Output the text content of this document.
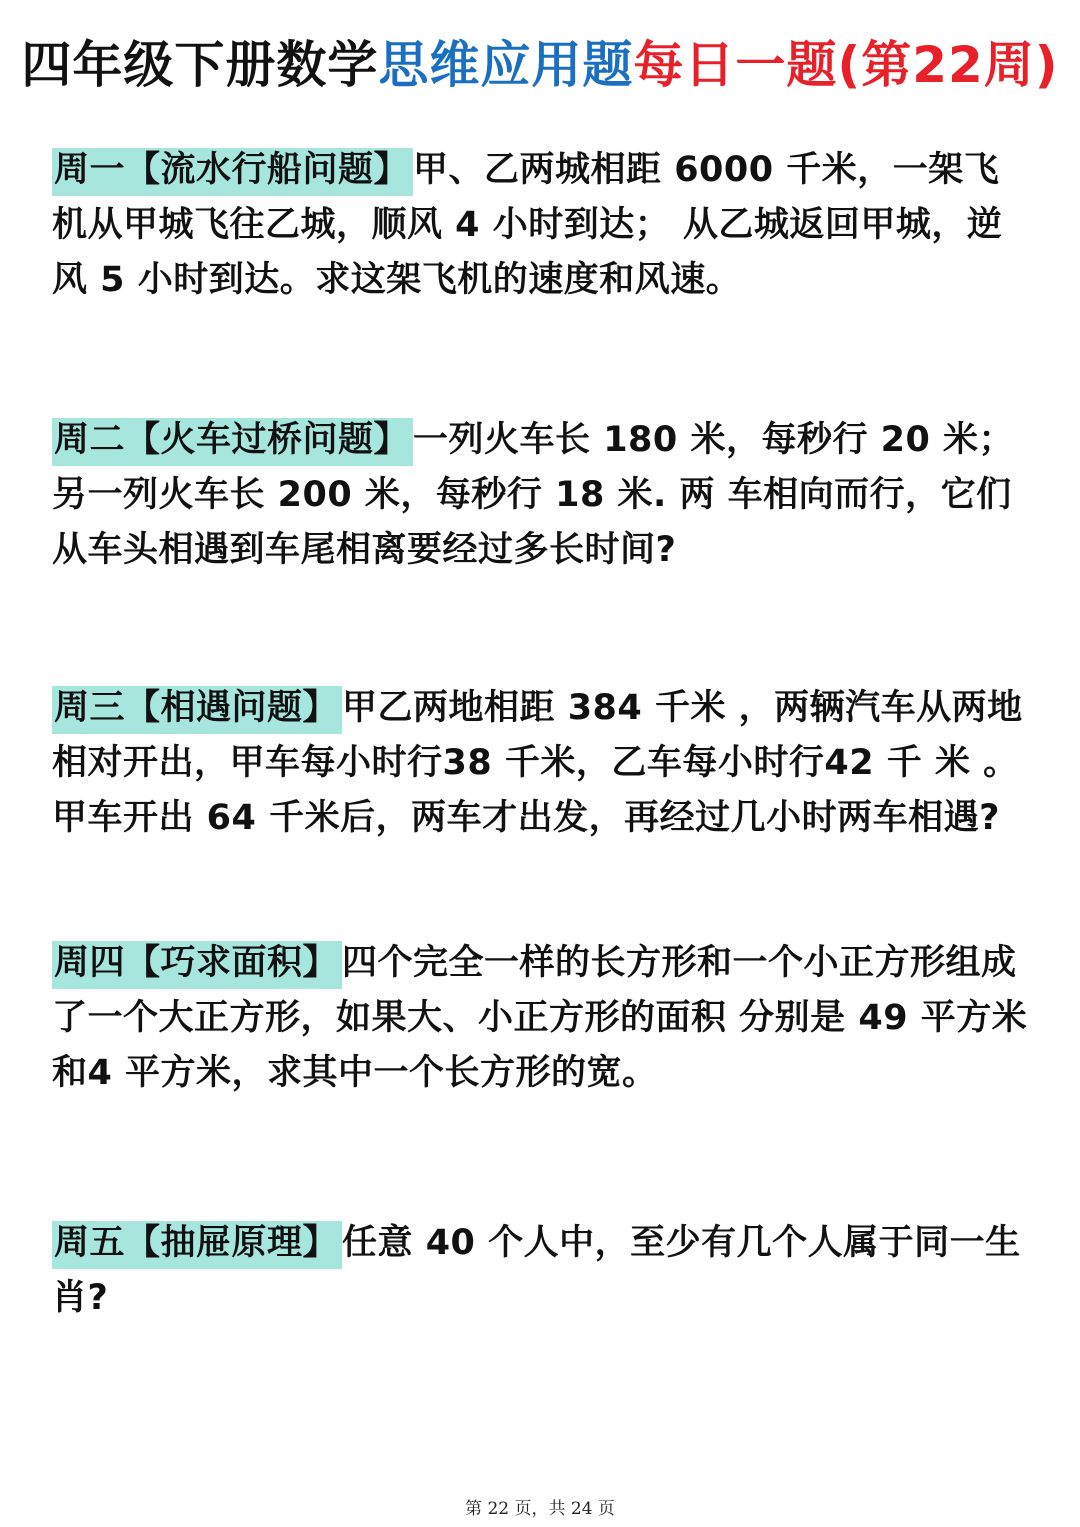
四年级下册数学思维应用题每日一题(第22周)
周一【流水行船问题】 甲、乙两城相距 6000 千米，一架飞机从甲城飞往乙城，顺风 4 小时到达； 从乙城返回甲城，逆风 5 小时到达。求这架飞机的速度和风速。
周二【火车过桥问题】 一列火车长 180 米，每秒行 20 米；另一列火车长 200 米，每秒行 18 米. 两 车相向而行，它们从车头相遇到车尾相离要经过多长时间?
周三【相遇问题】 甲乙两地相距 384 千米 ，两辆汽车从两地相对开出，甲车每小时行38 千米，乙车每小时行42 千 米 。甲车开出 64 千米后，两车才出发，再经过几小时两车相遇?
周四【巧求面积】 四个完全一样的长方形和一个小正方形组成了一个大正方形，如果大、小正方形的面积 分别是 49 平方米和4 平方米，求其中一个长方形的宽。
周五【抽屉原理】 任意 40 个人中，至少有几个人属于同一生肖?
第 22 页，共 24 页
